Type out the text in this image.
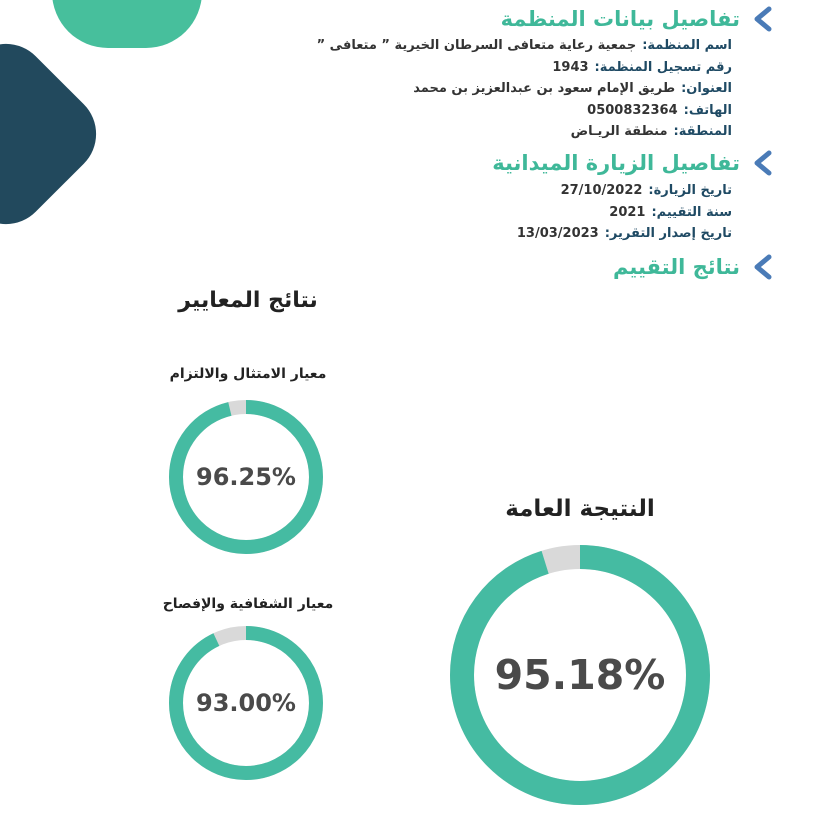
تفاصيل بيانات المنظمة
اسم المنظمة:جمعية رعاية متعافى السرطان الخيرية ” متعافى ”
رقم تسجيل المنظمة:1943
العنوان:طريق الإمام سعود بن عبدالعزيز بن محمد
الهاتف:0500832364
المنطقة:منطقة الريـاض
تفاصيل الزيارة الميدانية
تاريخ الزيارة:27/10/2022
سنة التقييم:2021
تاريخ إصدار التقرير:13/03/2023
نتائج التقييم
نتائج المعايير
معيار الامتثال والالتزام
96.25%
معيار الشفافية والإفصاح
93.00%
النتيجة العامة
95.18%
